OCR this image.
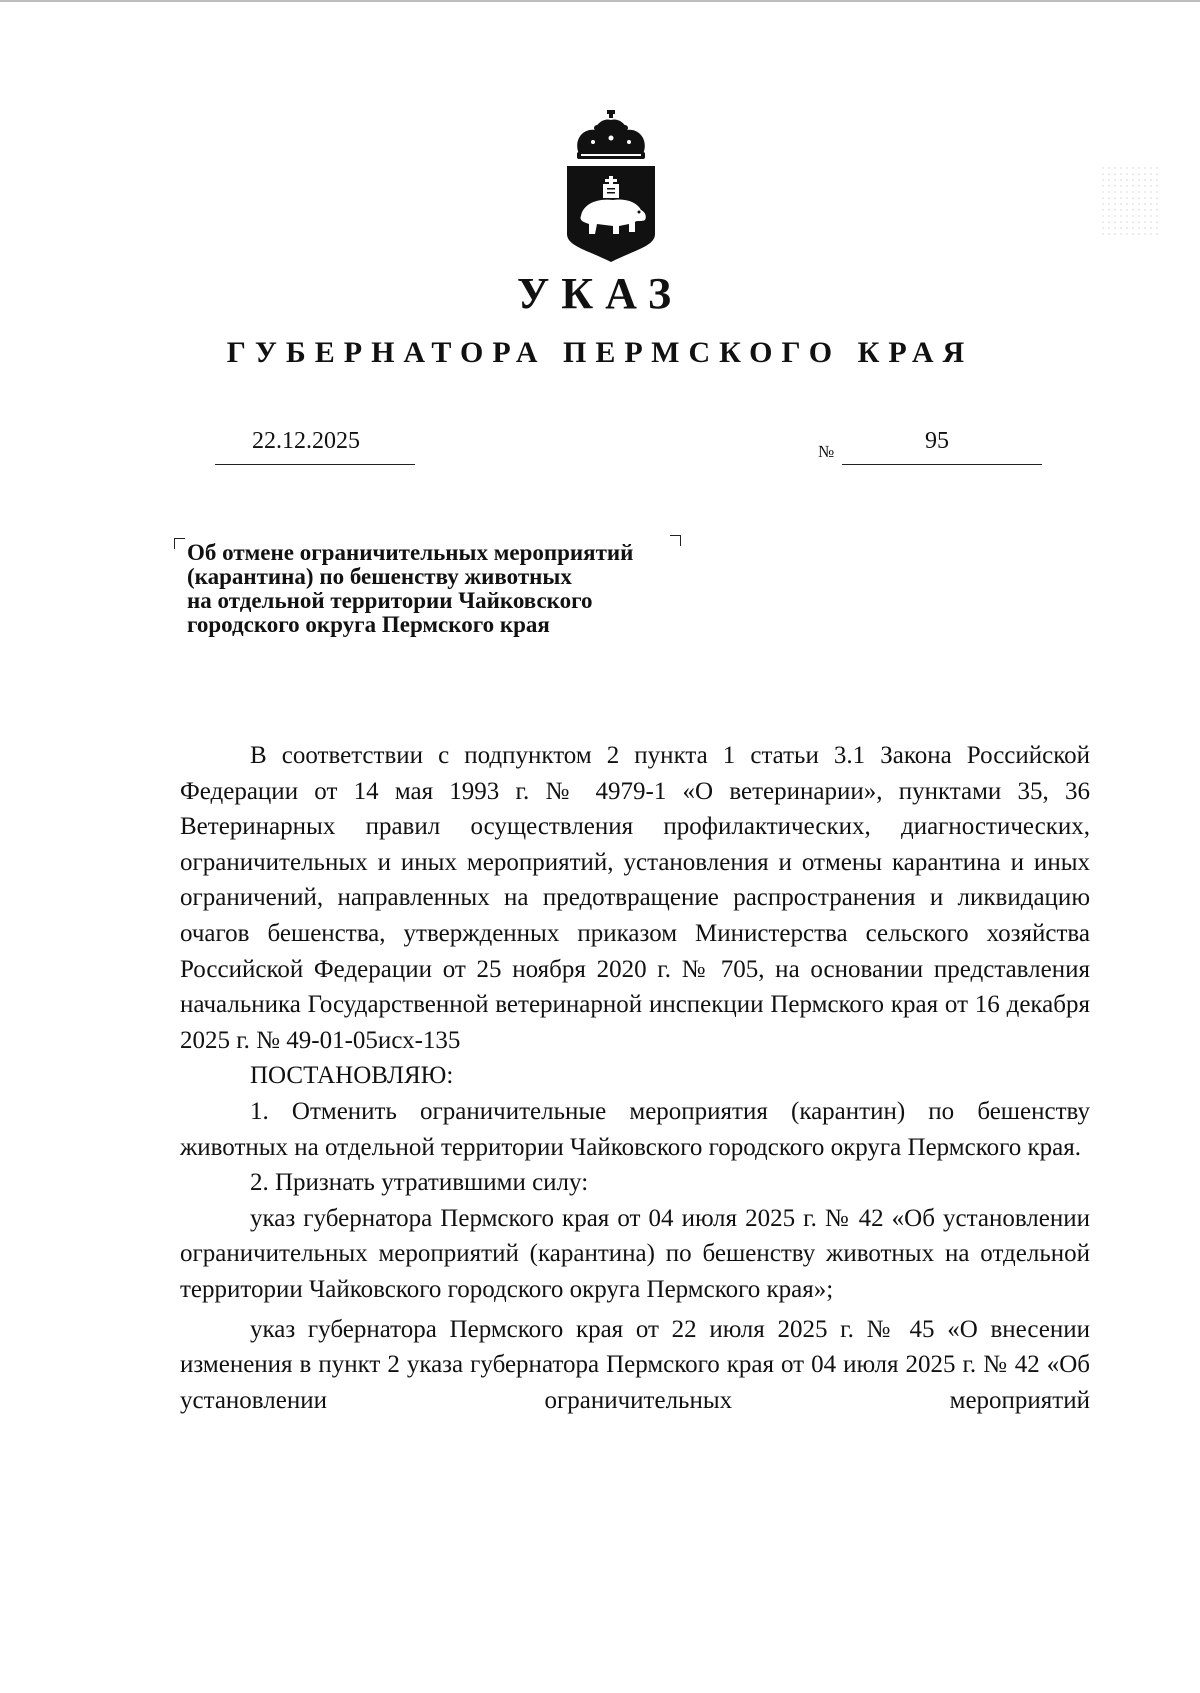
УКАЗ
ГУБЕРНАТОРА ПЕРМСКОГО КРАЯ
22.12.2025	№	95
Об отмене ограничительных мероприятий
(карантина) по бешенству животных
на отдельной территории Чайковского
городского округа Пермского края

В соответствии с подпунктом 2 пункта 1 статьи 3.1 Закона Российской Федерации от 14 мая 1993 г. № 4979-1 «О ветеринарии», пунктами 35, 36 Ветеринарных правил осуществления профилактических, диагностических, ограничительных и иных мероприятий, установления и отмены карантина и иных ограничений, направленных на предотвращение распространения и ликвидацию очагов бешенства, утвержденных приказом Министерства сельского хозяйства Российской Федерации от 25 ноября 2020 г. № 705, на основании представления начальника Государственной ветеринарной инспекции Пермского края от 16 декабря 2025 г. № 49-01-05исх-135

ПОСТАНОВЛЯЮ:

1. Отменить ограничительные мероприятия (карантин) по бешенству животных на отдельной территории Чайковского городского округа Пермского края.

2. Признать утратившими силу:

указ губернатора Пермского края от 04 июля 2025 г. № 42 «Об установлении ограничительных мероприятий (карантина) по бешенству животных на отдельной территории Чайковского городского округа Пермского края»;

указ губернатора Пермского края от 22 июля 2025 г. № 45 «О внесении изменения в пункт 2 указа губернатора Пермского края от 04 июля 2025 г. № 42 «Об установлении ограничительных мероприятий
